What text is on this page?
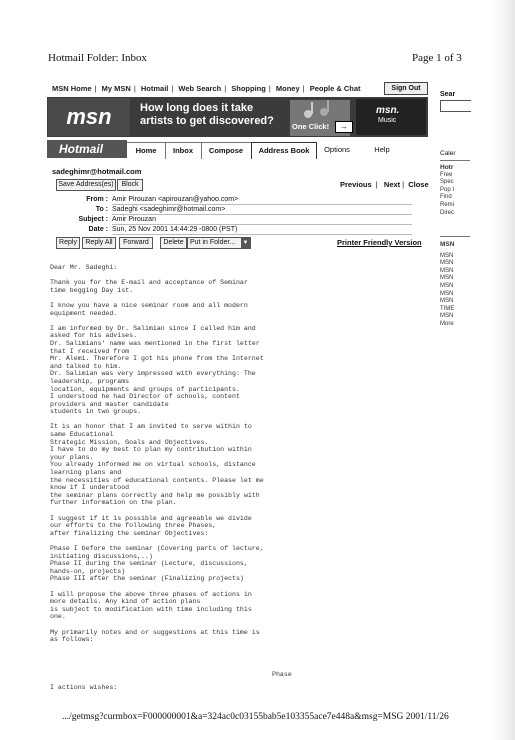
Hotmail Folder: Inbox	Page 1 of 3
MSN Home | My MSN | Hotmail | Web Search | Shopping | Money | People & Chat	Sign Out
msn	How long does it take
artists to get discovered? One Click!	→
msn.
Music
Hotmail	Home	Inbox	Compose	Address Book	Options	Help
sadeghimr@hotmail.com
Save Address(es)	Block	Previous |  Next | Close
From : Amir Pirouzan <apirouzan@yahoo.com>
To : Sadeghi <sadeghimr@hotmail.com>
Subject : Amir Pirouzan
Date : Sun, 25 Nov 2001 14:44:29 -0800 (PST)
Reply	Reply All	Forward	Delete Put in Folder... ▼	Printer Friendly Version
Dear Mr. Sadeghi:

Thank you for the E-mail and acceptance of Seminar
time begging Day 1st.

I know you have a nice seminar room and all modern
equipment needed.

I am informed by Dr. Salimian since I called him and
asked for his advises.
Dr. Salimians' name was mentioned in the first letter
that I received from
Mr. Alemi. Therefore I got his phone from the Internet
and talked to him.
Dr. Salimian was very impressed with everything: The
leadership, programs
location, equipments and groups of participants.
I understood he had Director of schools, content
providers and master candidate
students in two groups.

It is an honor that I am invited to serve within to
same Educational
Strategic Mission, Goals and Objectives.
I have to do my best to plan my contribution within
your plans.
You already informed me on virtual schools, distance
learning plans and
the necessities of educational contents. Please let me
know if I understood
the seminar plans correctly and help me possibly with
further information on the plan.

I suggest if it is possible and agreeable we divide
our efforts to the following three Phases,
after finalizing the seminar Objectives:

Phase I before the seminar (Covering parts of lecture,
initiating discussions,..)
Phase II during the seminar (Lecture, discussions,
hands-on, projects)
Phase III after the seminar (Finalizing projects)

I will propose the above three phases of actions in
more details. Any kind of action plans
is subject to modification with time including this
one.

My primarily notes and or suggestions at this time is
as follows:
Phase
I actions wishes:
Sear
Caler
Hotr
Free
Spec
Pop I
Find
Remi
Direc
MSN
MSN
MSN
MSN
MSN
MSN
MSN
MSN
TIME
MSN
More
.../getmsg?curmbox=F000000001&a=324ac0c03155bab5e103355ace7e448a&msg=MSG 2001/11/26
